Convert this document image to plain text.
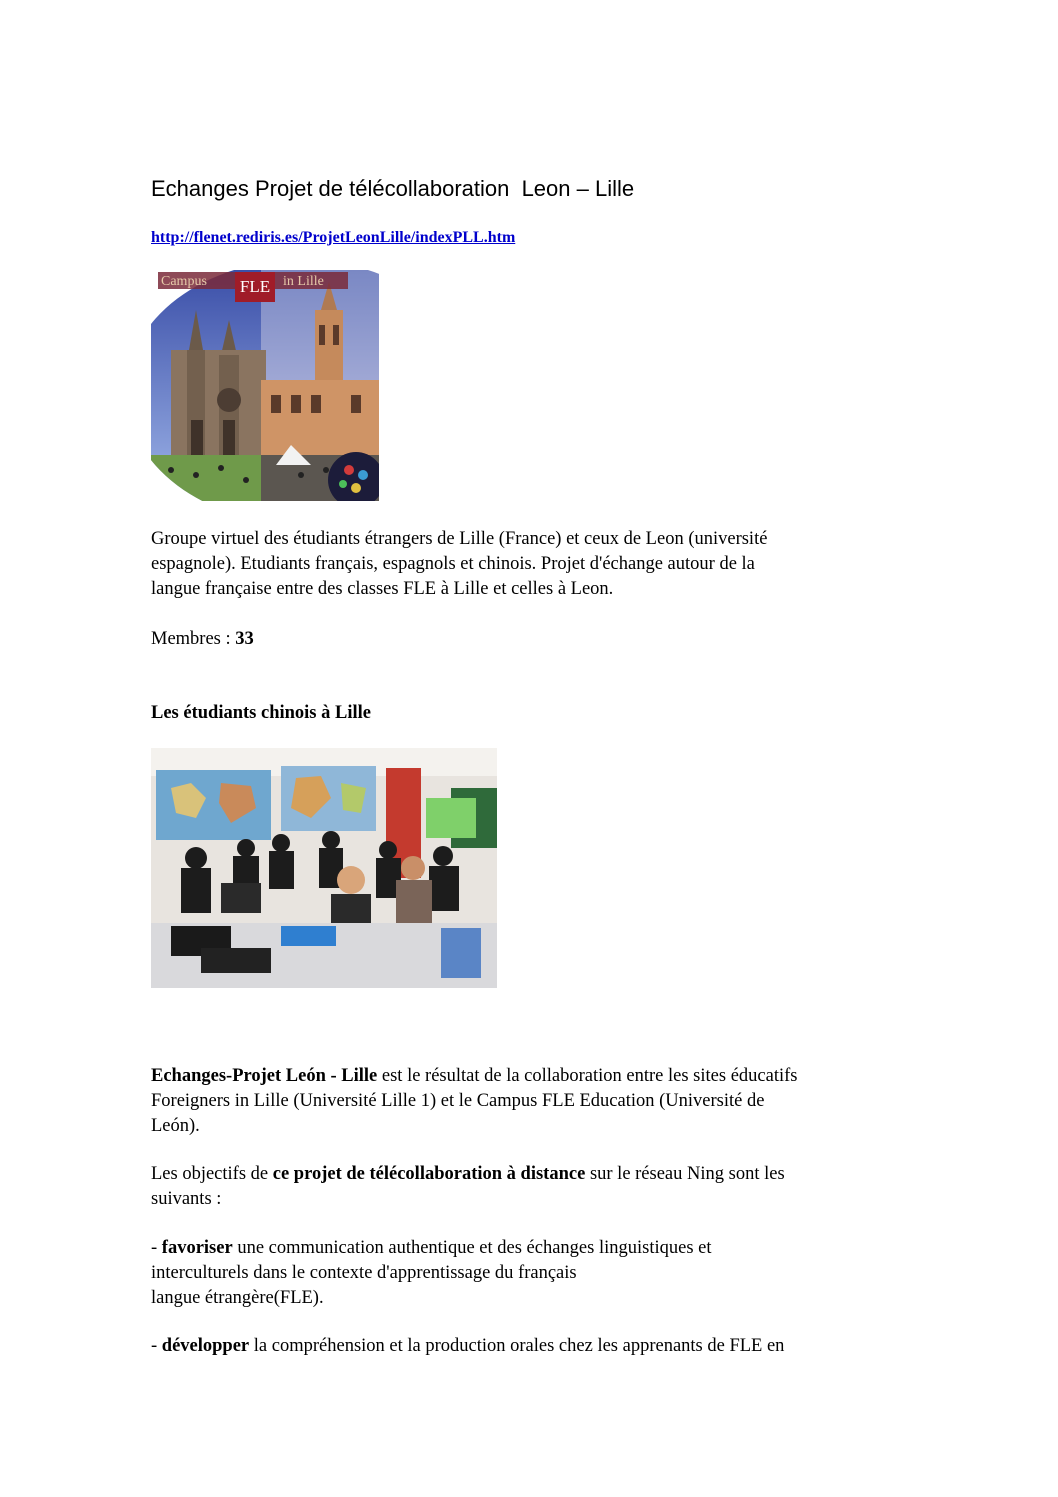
Echanges Projet de télécollaboration  Leon – Lille
http://flenet.rediris.es/ProjetLeonLille/indexPLL.htm
Campus FLE in Lille
Groupe virtuel des étudiants étrangers de Lille (France) et ceux de Leon (université
espagnole). Etudiants français, espagnols et chinois. Projet d'échange autour de la
langue française entre des classes FLE à Lille et celles à Leon.
Membres : 33
Les étudiants chinois à Lille
Echanges-Projet León - Lille est le résultat de la collaboration entre les sites éducatifs
Foreigners in Lille (Université Lille 1) et le Campus FLE Education (Université de
León).
Les objectifs de ce projet de télécollaboration à distance sur le réseau Ning sont les
suivants :
- favoriser une communication authentique et des échanges linguistiques et
interculturels dans le contexte d'apprentissage du français
langue étrangère(FLE).
- développer la compréhension et la production orales chez les apprenants de FLE en
